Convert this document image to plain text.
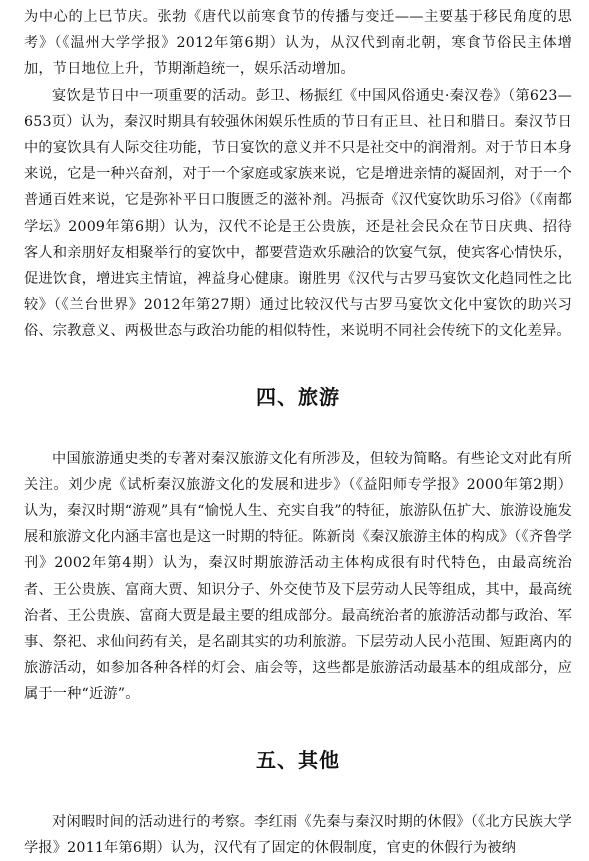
为中心的上巳节庆。张勃《唐代以前寒食节的传播与变迁——主要基于移民角度的思考》（《温州大学学报》2012年第6期）认为，从汉代到南北朝，寒食节俗民主体增加，节日地位上升，节期渐趋统一，娱乐活动增加。

宴饮是节日中一项重要的活动。彭卫、杨振红《中国风俗通史·秦汉卷》（第623—653页）认为，秦汉时期具有较强休闲娱乐性质的节日有正旦、社日和腊日。秦汉节日中的宴饮具有人际交往功能，节日宴饮的意义并不只是社交中的润滑剂。对于节日本身来说，它是一种兴奋剂，对于一个家庭或家族来说，它是增进亲情的凝固剂，对于一个普通百姓来说，它是弥补平日口腹匮乏的滋补剂。冯振奇《汉代宴饮助乐习俗》（《南都学坛》2009年第6期）认为，汉代不论是王公贵族，还是社会民众在节日庆典、招待客人和亲朋好友相聚举行的宴饮中，都要营造欢乐融洽的饮宴气氛，使宾客心情快乐，促进饮食，增进宾主情谊，裨益身心健康。谢胜男《汉代与古罗马宴饮文化趋同性之比较》（《兰台世界》2012年第27期）通过比较汉代与古罗马宴饮文化中宴饮的助兴习俗、宗教意义、两极世态与政治功能的相似特性，来说明不同社会传统下的文化差异。

四、旅游

中国旅游通史类的专著对秦汉旅游文化有所涉及，但较为简略。有些论文对此有所关注。刘少虎《试析秦汉旅游文化的发展和进步》（《益阳师专学报》2000年第2期）认为，秦汉时期“游观”具有“愉悦人生、充实自我”的特征，旅游队伍扩大、旅游设施发展和旅游文化内涵丰富也是这一时期的特征。陈新岗《秦汉旅游主体的构成》（《齐鲁学刊》2002年第4期）认为，秦汉时期旅游活动主体构成很有时代特色，由最高统治者、王公贵族、富商大贾、知识分子、外交使节及下层劳动人民等组成，其中，最高统治者、王公贵族、富商大贾是最主要的组成部分。最高统治者的旅游活动都与政治、军事、祭祀、求仙问药有关，是名副其实的功利旅游。下层劳动人民小范围、短距离内的旅游活动，如参加各种各样的灯会、庙会等，这些都是旅游活动最基本的组成部分，应属于一种“近游”。

五、其他

对闲暇时间的活动进行的考察。李红雨《先秦与秦汉时期的休假》（《北方民族大学学报》2011年第6期）认为，汉代有了固定的休假制度，官吏的休假行为被纳
